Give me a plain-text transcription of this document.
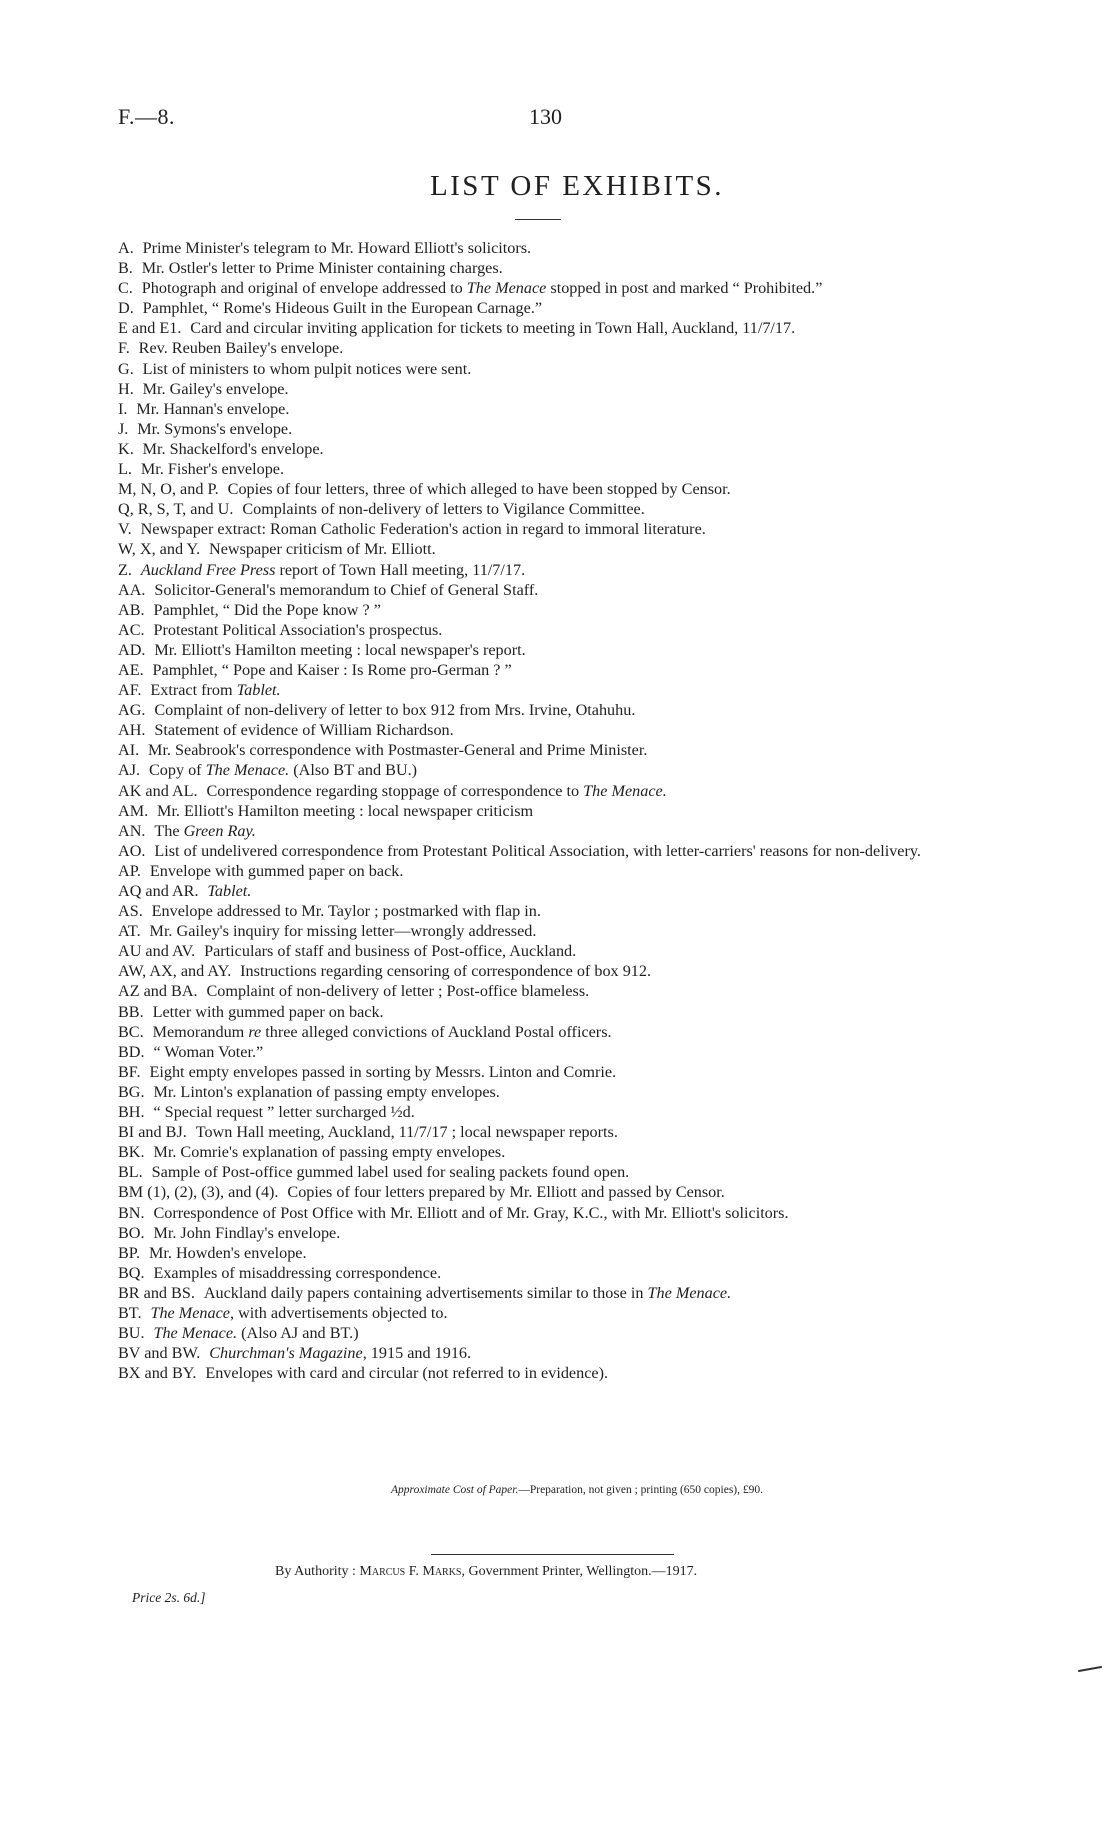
F.—8.	130
LIST OF EXHIBITS.
A. Prime Minister's telegram to Mr. Howard Elliott's solicitors.
B. Mr. Ostler's letter to Prime Minister containing charges.
C. Photograph and original of envelope addressed to The Menace stopped in post and marked “ Prohibited.”
D. Pamphlet, “ Rome's Hideous Guilt in the European Carnage.”
E and E1. Card and circular inviting application for tickets to meeting in Town Hall, Auckland, 11/7/17.
F. Rev. Reuben Bailey's envelope.
G. List of ministers to whom pulpit notices were sent.
H. Mr. Gailey's envelope.
I. Mr. Hannan's envelope.
J. Mr. Symons's envelope.
K. Mr. Shackelford's envelope.
L. Mr. Fisher's envelope.
M, N, O, and P. Copies of four letters, three of which alleged to have been stopped by Censor.
Q, R, S, T, and U. Complaints of non-delivery of letters to Vigilance Committee.
V. Newspaper extract: Roman Catholic Federation's action in regard to immoral literature.
W, X, and Y. Newspaper criticism of Mr. Elliott.
Z. Auckland Free Press report of Town Hall meeting, 11/7/17.
AA. Solicitor-General's memorandum to Chief of General Staff.
AB. Pamphlet, “ Did the Pope know ? ”
AC. Protestant Political Association's prospectus.
AD. Mr. Elliott's Hamilton meeting : local newspaper's report.
AE. Pamphlet, “ Pope and Kaiser : Is Rome pro-German ? ”
AF. Extract from Tablet.
AG. Complaint of non-delivery of letter to box 912 from Mrs. Irvine, Otahuhu.
AH. Statement of evidence of William Richardson.
AI. Mr. Seabrook's correspondence with Postmaster-General and Prime Minister.
AJ. Copy of The Menace. (Also BT and BU.)
AK and AL. Correspondence regarding stoppage of correspondence to The Menace.
AM. Mr. Elliott's Hamilton meeting : local newspaper criticism
AN. The Green Ray.
AO. List of undelivered correspondence from Protestant Political Association, with letter-carriers' reasons for non-delivery.
AP. Envelope with gummed paper on back.
AQ and AR. Tablet.
AS. Envelope addressed to Mr. Taylor ; postmarked with flap in.
AT. Mr. Gailey's inquiry for missing letter—wrongly addressed.
AU and AV. Particulars of staff and business of Post-office, Auckland.
AW, AX, and AY. Instructions regarding censoring of correspondence of box 912.
AZ and BA. Complaint of non-delivery of letter ; Post-office blameless.
BB. Letter with gummed paper on back.
BC. Memorandum re three alleged convictions of Auckland Postal officers.
BD. “ Woman Voter.”
BF. Eight empty envelopes passed in sorting by Messrs. Linton and Comrie.
BG. Mr. Linton's explanation of passing empty envelopes.
BH. “ Special request ” letter surcharged ½d.
BI and BJ. Town Hall meeting, Auckland, 11/7/17 ; local newspaper reports.
BK. Mr. Comrie's explanation of passing empty envelopes.
BL. Sample of Post-office gummed label used for sealing packets found open.
BM (1), (2), (3), and (4). Copies of four letters prepared by Mr. Elliott and passed by Censor.
BN. Correspondence of Post Office with Mr. Elliott and of Mr. Gray, K.C., with Mr. Elliott's solicitors.
BO. Mr. John Findlay's envelope.
BP. Mr. Howden's envelope.
BQ. Examples of misaddressing correspondence.
BR and BS. Auckland daily papers containing advertisements similar to those in The Menace.
BT. The Menace, with advertisements objected to.
BU. The Menace. (Also AJ and BT.)
BV and BW. Churchman's Magazine, 1915 and 1916.
BX and BY. Envelopes with card and circular (not referred to in evidence).
Approximate Cost of Paper.—Preparation, not given ; printing (650 copies), £90.
By Authority : Marcus F. Marks, Government Printer, Wellington.—1917.
Price 2s. 6d.]
